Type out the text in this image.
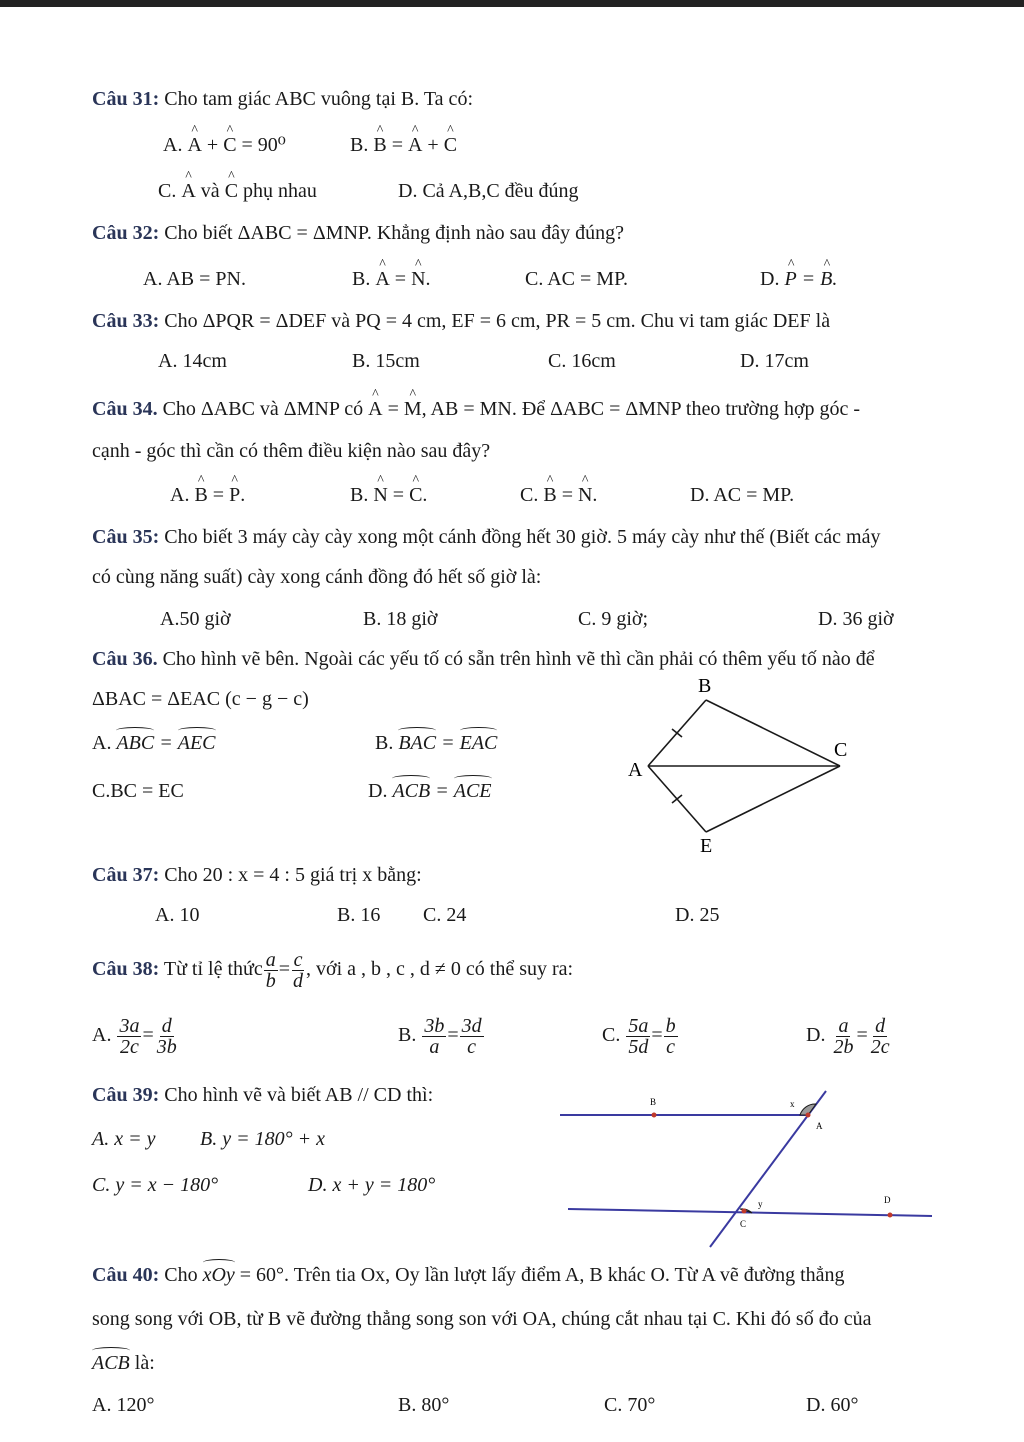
Câu 31: Cho tam giác ABC vuông tại B. Ta có:
A. ^ A + ^ C = 90⁰	B. ^ B = ^ A + ^ C
C. ^ A và ^ C phụ nhau	D. Cả A,B,C đều đúng
Câu 32: Cho biết ΔABC = ΔMNP. Khẳng định nào sau đây đúng?
A. AB = PN.	B. ^ A = ^ N.	C. AC = MP.	D. ^ P = ^ B.
Câu 33: Cho ΔPQR = ΔDEF và PQ = 4 cm, EF = 6 cm, PR = 5 cm. Chu vi tam giác DEF là
A. 14cm	B. 15cm	C. 16cm	D. 17cm
Câu 34. Cho ΔABC và ΔMNP có ^ A = ^ M, AB = MN. Để ΔABC = ΔMNP theo trường hợp góc -
cạnh - góc thì cần có thêm điều kiện nào sau đây?
A. ^ B = ^ P.	B. ^ N = ^ C.	C. ^ B = ^ N.	D. AC = MP.
Câu 35: Cho biết 3 máy cày cày xong một cánh đồng hết 30 giờ. 5 máy cày như thế (Biết các máy
có cùng năng suất) cày xong cánh đồng đó hết số giờ là:
A.50 giờ	B. 18 giờ	C. 9 giờ;	D. 36 giờ
Câu 36. Cho hình vẽ bên. Ngoài các yếu tố có sẵn trên hình vẽ thì cần phải có thêm yếu tố nào để
ΔBAC = ΔEAC (c − g − c)
A. ABC = AEC	B. BAC = EAC
C.BC = EC	D. ACB = ACE
B
A
C
E
Câu 37: Cho 20 : x = 4 : 5 giá trị x bằng:
A. 10	B. 16 C. 24	D. 25
Câu 38: Từ tỉ lệ thức $\frac{a}{b} = \frac{c}{d}$ , với a , b , c , d ≠ 0 có thể suy ra:
A. $\frac{3a}{2c} = \frac{d}{3b}$	B. $\frac{3b}{a} = \frac{3d}{c}$	C. $\frac{5a}{5d} = \frac{b}{c}$	D. $\frac{a}{2b} = \frac{d}{2c}$
Câu 39: Cho hình vẽ và biết AB // CD thì:
A. x = y B. y = 180° + x
C. y = x − 180°	D. x + y = 180°
B	x
A
y	D
C
Câu 40: Cho xOy = 60°. Trên tia Ox, Oy lần lượt lấy điểm A, B khác O. Từ A vẽ đường thẳng
song song với OB, từ B vẽ đường thẳng song son với OA, chúng cắt nhau tại C. Khi đó số đo của
ACB là:
A. 120°	B. 80°	C. 70°	D. 60°
